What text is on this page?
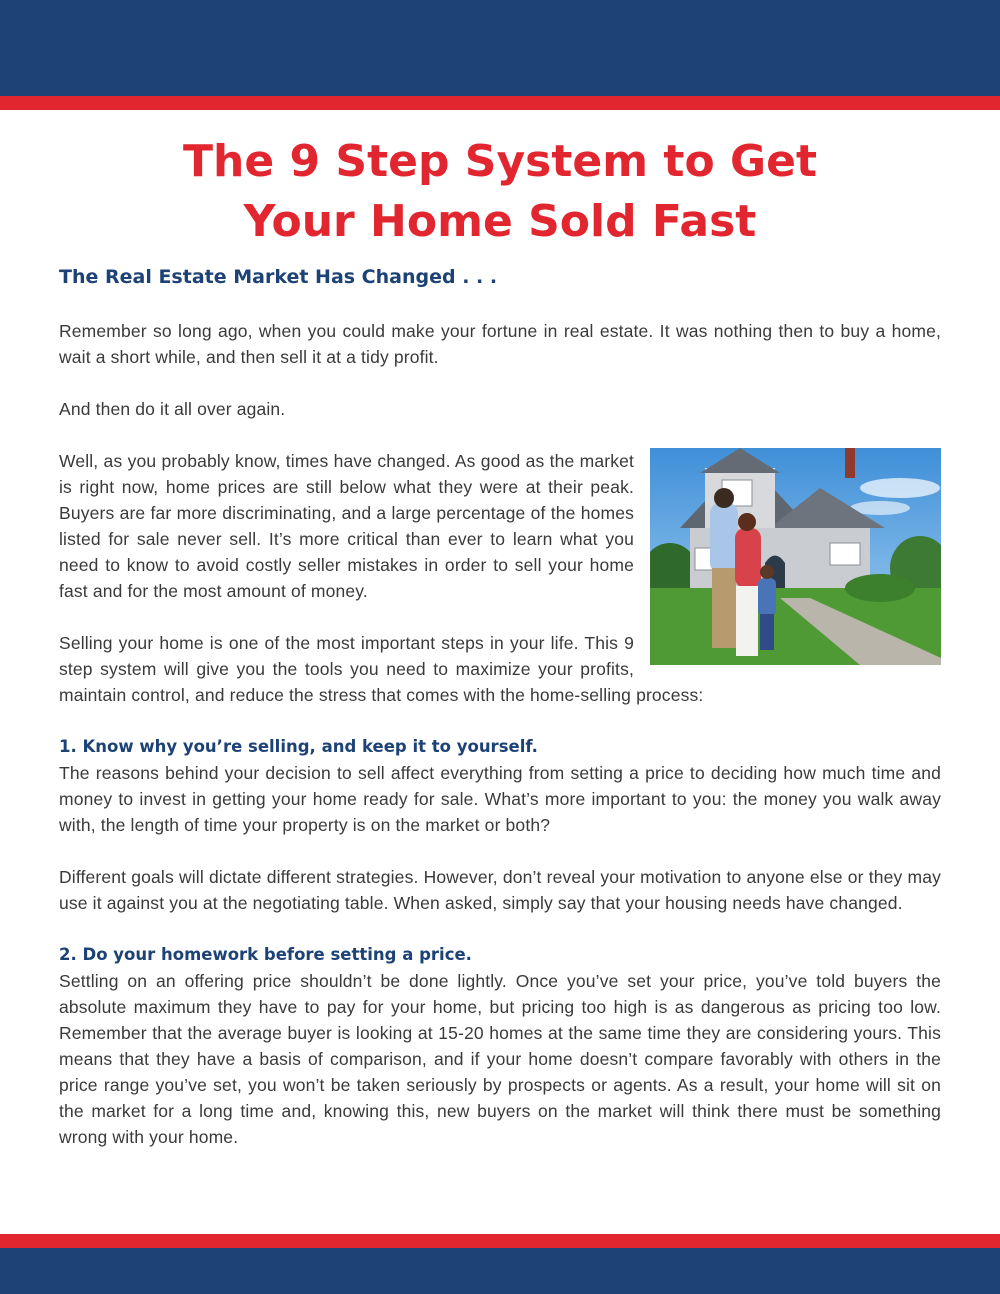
The 9 Step System to Get
Your Home Sold Fast
The Real Estate Market Has Changed . . .

Remember so long ago, when you could make your fortune in real estate. It was nothing then to buy a home, wait a short while, and then sell it at a tidy profit.

And then do it all over again.

Well, as you probably know, times have changed. As good as the market is right now, home prices are still below what they were at their peak. Buyers are far more discriminating, and a large percentage of the homes listed for sale never sell. It’s more critical than ever to learn what you need to know to avoid costly seller mistakes in order to sell your home fast and for the most amount of money.

Selling your home is one of the most important steps in your life. This 9 step system will give you the tools you need to maximize your profits, maintain control, and reduce the stress that comes with the home-selling process:

1. Know why you’re selling, and keep it to yourself.

The reasons behind your decision to sell affect everything from setting a price to deciding how much time and money to invest in getting your home ready for sale. What’s more important to you: the money you walk away with, the length of time your property is on the market or both?

Different goals will dictate different strategies. However, don’t reveal your motivation to anyone else or they may use it against you at the negotiating table. When asked, simply say that your housing needs have changed.

2. Do your homework before setting a price.

Settling on an offering price shouldn’t be done lightly. Once you’ve set your price, you’ve told buyers the absolute maximum they have to pay for your home, but pricing too high is as dangerous as pricing too low. Remember that the average buyer is looking at 15-20 homes at the same time they are considering yours. This means that they have a basis of comparison, and if your home doesn’t compare favorably with others in the price range you’ve set, you won’t be taken seriously by prospects or agents. As a result, your home will sit on the market for a long time and, knowing this, new buyers on the market will think there must be something wrong with your home.
